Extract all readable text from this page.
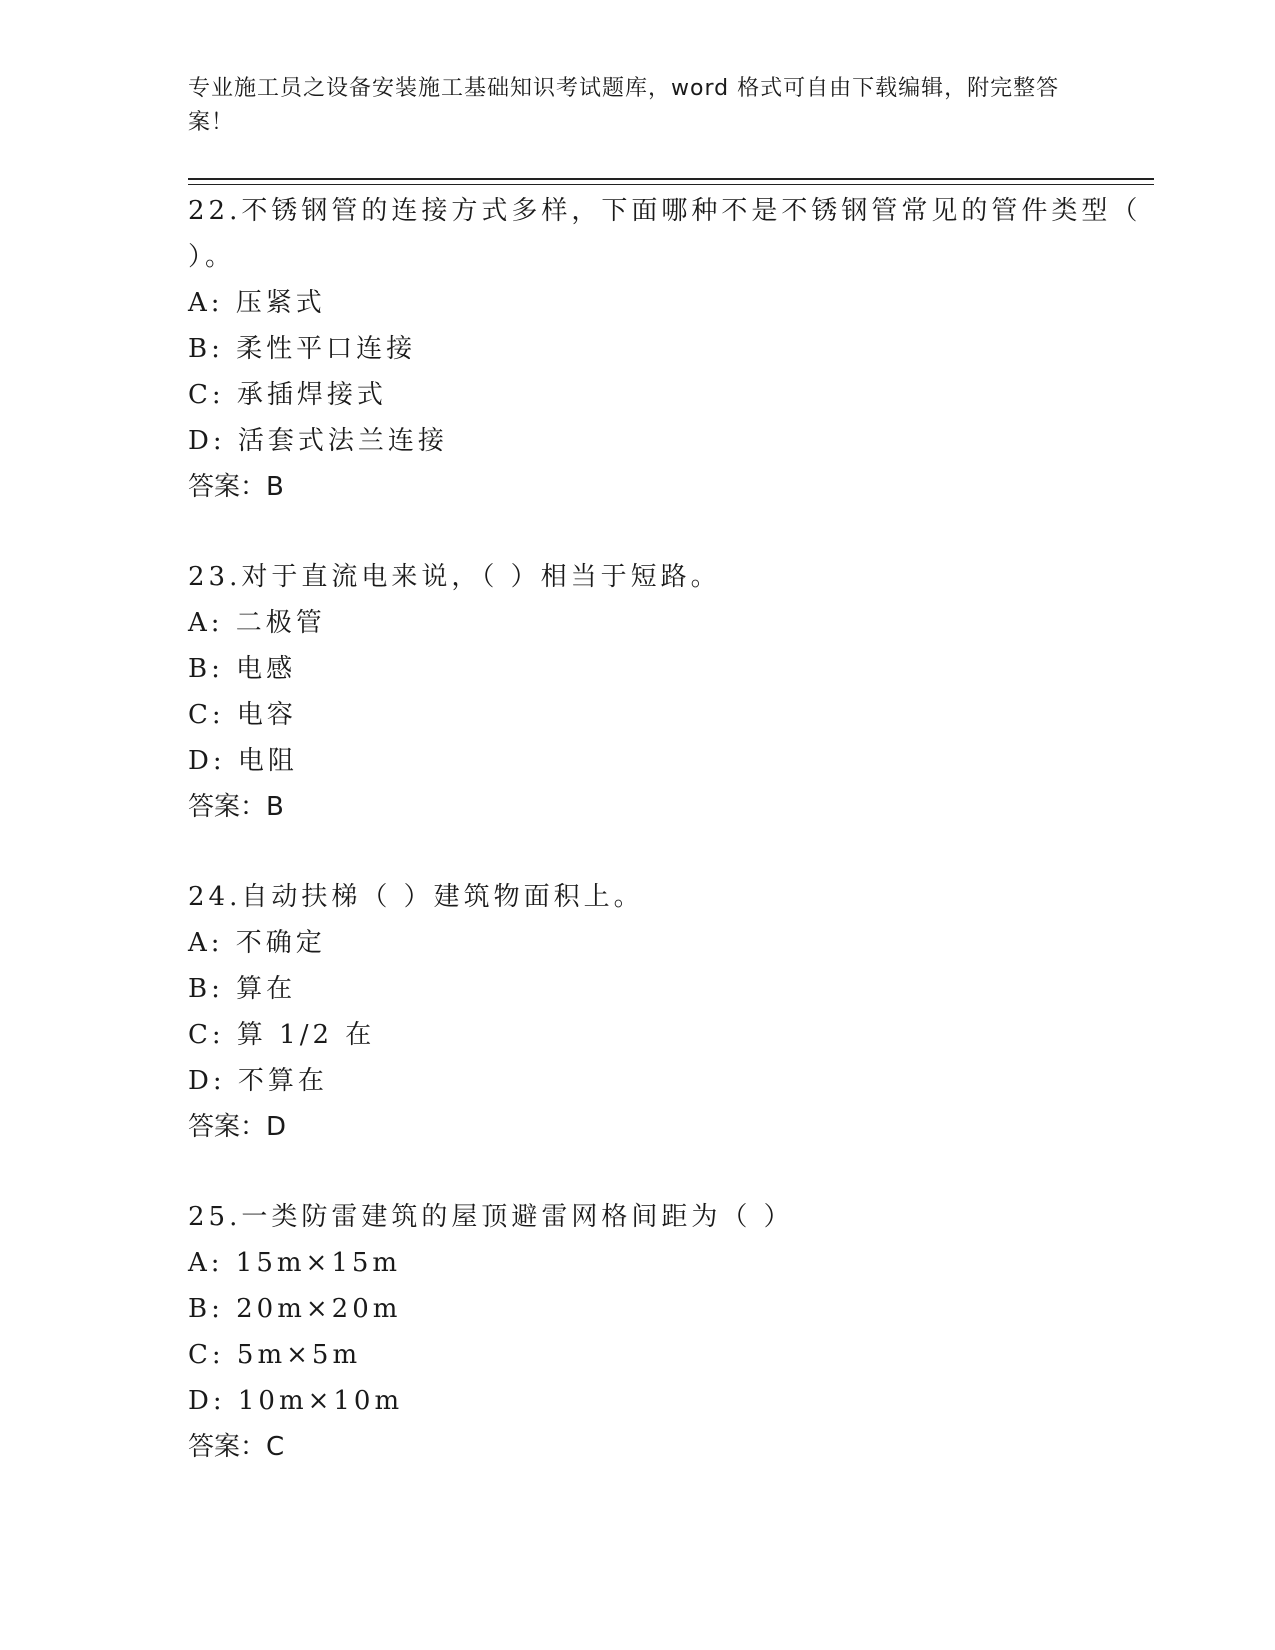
专业施工员之设备安装施工基础知识考试题库，word 格式可自由下载编辑，附完整答案！

22.不锈钢管的连接方式多样，下面哪种不是不锈钢管常见的管件类型（ ）。

A: 压紧式

B: 柔性平口连接

C: 承插焊接式

D: 活套式法兰连接

答案：B

23.对于直流电来说，（ ）相当于短路。

A: 二极管

B: 电感

C: 电容

D: 电阻

答案：B

24.自动扶梯（ ）建筑物面积上。

A: 不确定

B: 算在

C: 算 1/2 在

D: 不算在

答案：D

25.一类防雷建筑的屋顶避雷网格间距为（ ）

A: 15m×15m

B: 20m×20m

C: 5m×5m

D: 10m×10m

答案：C
